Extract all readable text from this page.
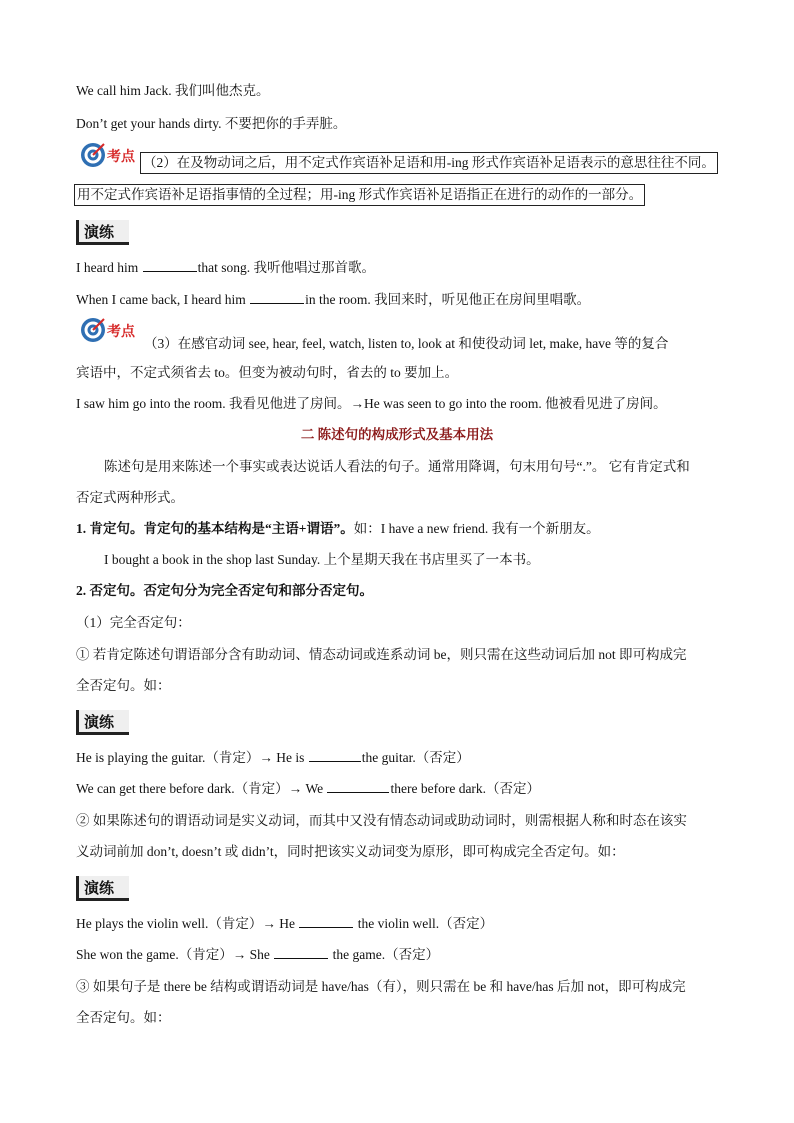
We call him Jack. 我们叫他杰克。
Don’t get your hands dirty. 不要把你的手弄脏。
考点 （2）在及物动词之后，用不定式作宾语补足语和用-ing 形式作宾语补足语表示的意思往往不同。
用不定式作宾语补足语指事情的全过程；用-ing 形式作宾语补足语指正在进行的动作的一部分。
演练
I heard him	that song. 我听他唱过那首歌。
When I came back, I heard him	in the room. 我回来时，听见他正在房间里唱歌。
考点
（3）在感官动词 see, hear, feel, watch, listen to, look at 和使役动词 let, make, have 等的复合
宾语中，不定式须省去 to。但变为被动句时，省去的 to 要加上。
I saw him go into the room. 我看见他进了房间。→He was seen to go into the room. 他被看见进了房间。
二 陈述句的构成形式及基本用法
陈述句是用来陈述一个事实或表达说话人看法的句子。通常用降调，句末用句号“.”。 它有肯定式和
否定式两种形式。
1. 肯定句。肯定句的基本结构是“主语+谓语”。如：I have a new friend. 我有一个新朋友。
I bought a book in the shop last Sunday. 上个星期天我在书店里买了一本书。
2. 否定句。否定句分为完全否定句和部分否定句。
（1）完全否定句：
① 若肯定陈述句谓语部分含有助动词、情态动词或连系动词 be，则只需在这些动词后加 not 即可构成完
全否定句。如：
演练
He is playing the guitar.（肯定）→ He is	the guitar.（否定）
We can get there before dark.（肯定）→ We	there before dark.（否定）
② 如果陈述句的谓语动词是实义动词，而其中又没有情态动词或助动词时，则需根据人称和时态在该实
义动词前加 don’t, doesn’t 或 didn’t，同时把该实义动词变为原形，即可构成完全否定句。如：
演练
He plays the violin well.（肯定）→ He	the violin well.（否定）
She won the game.（肯定）→ She	the game.（否定）
③ 如果句子是 there be 结构或谓语动词是 have/has（有），则只需在 be 和 have/has 后加 not，即可构成完
全否定句。如：
